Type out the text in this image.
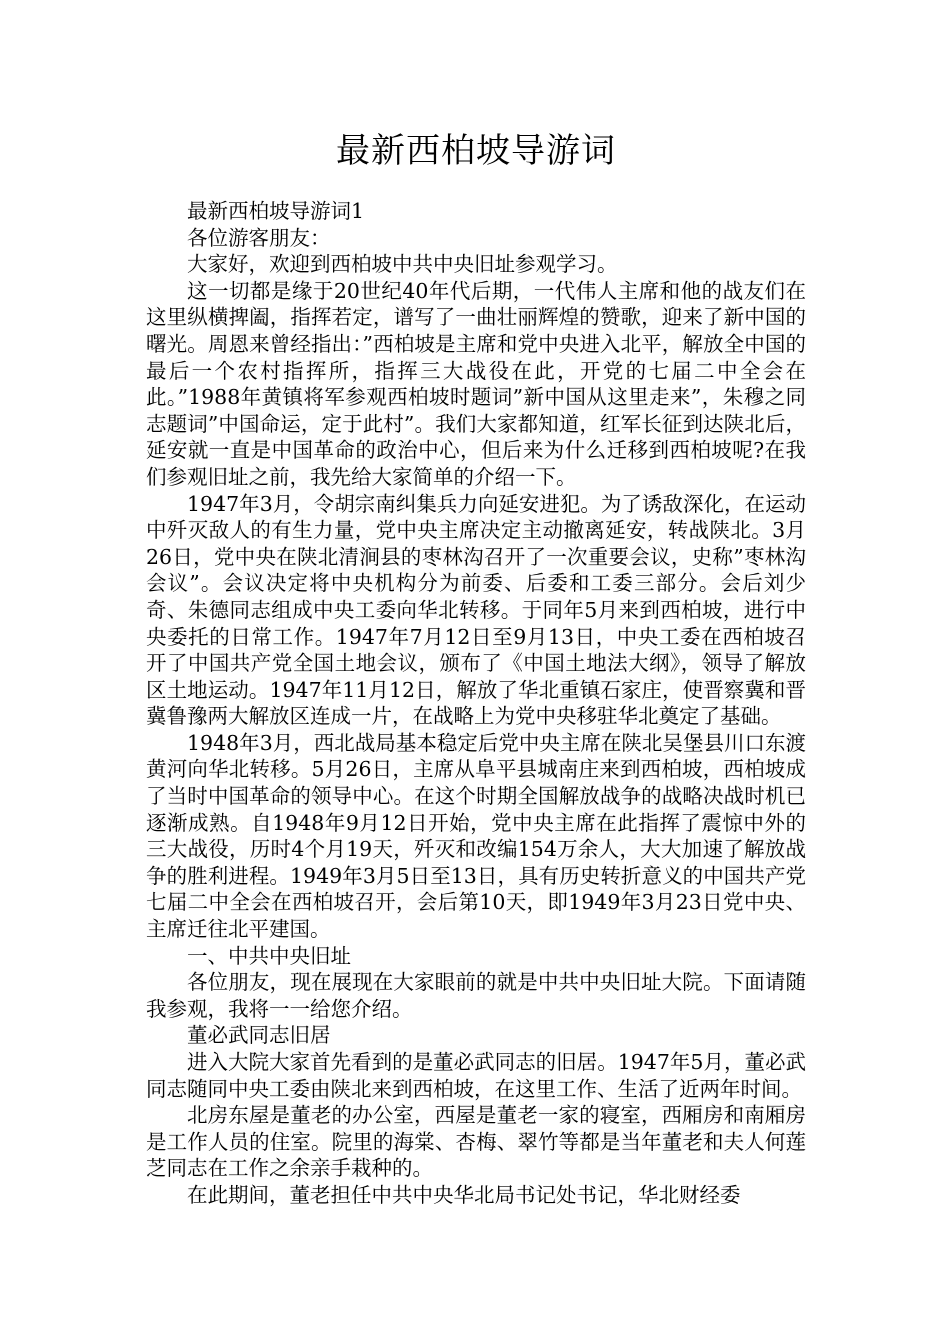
最新西柏坡导游词

最新西柏坡导游词1

各位游客朋友：

大家好，欢迎到西柏坡中共中央旧址参观学习。

这一切都是缘于20世纪40年代后期，一代伟人主席和他的战友们在这里纵横捭阖，指挥若定，谱写了一曲壮丽辉煌的赞歌，迎来了新中国的曙光。周恩来曾经指出：”西柏坡是主席和党中央进入北平，解放全中国的最后一个农村指挥所，指挥三大战役在此，开党的七届二中全会在此。”1988年黄镇将军参观西柏坡时题词”新中国从这里走来”，朱穆之同志题词”中国命运，定于此村”。我们大家都知道，红军长征到达陕北后，延安就一直是中国革命的政治中心，但后来为什么迁移到西柏坡呢?在我们参观旧址之前，我先给大家简单的介绍一下。

1947年3月，令胡宗南纠集兵力向延安进犯。为了诱敌深化，在运动中歼灭敌人的有生力量，党中央主席决定主动撤离延安，转战陕北。3月26日，党中央在陕北清涧县的枣林沟召开了一次重要会议，史称”枣林沟会议”。会议决定将中央机构分为前委、后委和工委三部分。会后刘少奇、朱德同志组成中央工委向华北转移。于同年5月来到西柏坡，进行中央委托的日常工作。1947年7月12日至9月13日，中央工委在西柏坡召开了中国共产党全国土地会议，颁布了《中国土地法大纲》，领导了解放区土地运动。1947年11月12日，解放了华北重镇石家庄，使晋察冀和晋冀鲁豫两大解放区连成一片，在战略上为党中央移驻华北奠定了基础。

1948年3月，西北战局基本稳定后党中央主席在陕北吴堡县川口东渡黄河向华北转移。5月26日，主席从阜平县城南庄来到西柏坡，西柏坡成了当时中国革命的领导中心。在这个时期全国解放战争的战略决战时机已逐渐成熟。自1948年9月12日开始，党中央主席在此指挥了震惊中外的三大战役，历时4个月19天，歼灭和改编154万余人，大大加速了解放战争的胜利进程。1949年3月5日至13日，具有历史转折意义的中国共产党七届二中全会在西柏坡召开，会后第10天，即1949年3月23日党中央、主席迁往北平建国。

一、中共中央旧址

各位朋友，现在展现在大家眼前的就是中共中央旧址大院。下面请随我参观，我将一一给您介绍。

董必武同志旧居

进入大院大家首先看到的是董必武同志的旧居。1947年5月，董必武同志随同中央工委由陕北来到西柏坡，在这里工作、生活了近两年时间。

北房东屋是董老的办公室，西屋是董老一家的寝室，西厢房和南厢房是工作人员的住室。院里的海棠、杏梅、翠竹等都是当年董老和夫人何莲芝同志在工作之余亲手栽种的。

在此期间，董老担任中共中央华北局书记处书记，华北财经委
